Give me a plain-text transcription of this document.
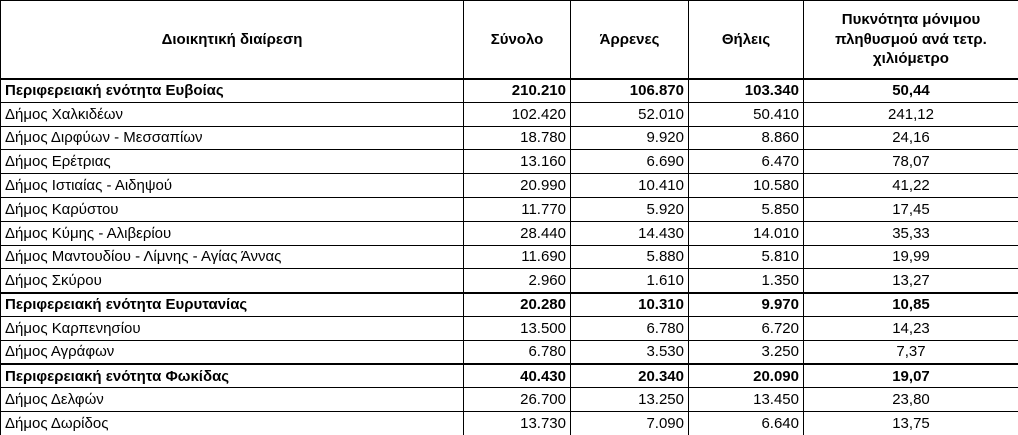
Διοικητική διαίρεση	Σύνολο	Άρρενες	Θήλεις	Πυκνότητα μόνιμου πληθυσμού ανά τετρ. χιλιόμετρο
Περιφερειακή ενότητα Ευβοίας	210.210	106.870	103.340	50,44
Δήμος Χαλκιδέων	102.420	52.010	50.410	241,12
Δήμος Διρφύων - Μεσσαπίων	18.780	9.920	8.860	24,16
Δήμος Ερέτριας	13.160	6.690	6.470	78,07
Δήμος Ιστιαίας - Αιδηψού	20.990	10.410	10.580	41,22
Δήμος Καρύστου	11.770	5.920	5.850	17,45
Δήμος Κύμης - Αλιβερίου	28.440	14.430	14.010	35,33
Δήμος Μαντουδίου - Λίμνης - Αγίας Άννας	11.690	5.880	5.810	19,99
Δήμος Σκύρου	2.960	1.610	1.350	13,27
Περιφερειακή ενότητα Ευρυτανίας	20.280	10.310	9.970	10,85
Δήμος Καρπενησίου	13.500	6.780	6.720	14,23
Δήμος Αγράφων	6.780	3.530	3.250	7,37
Περιφερειακή ενότητα Φωκίδας	40.430	20.340	20.090	19,07
Δήμος Δελφών	26.700	13.250	13.450	23,80
Δήμος Δωρίδος	13.730	7.090	6.640	13,75
